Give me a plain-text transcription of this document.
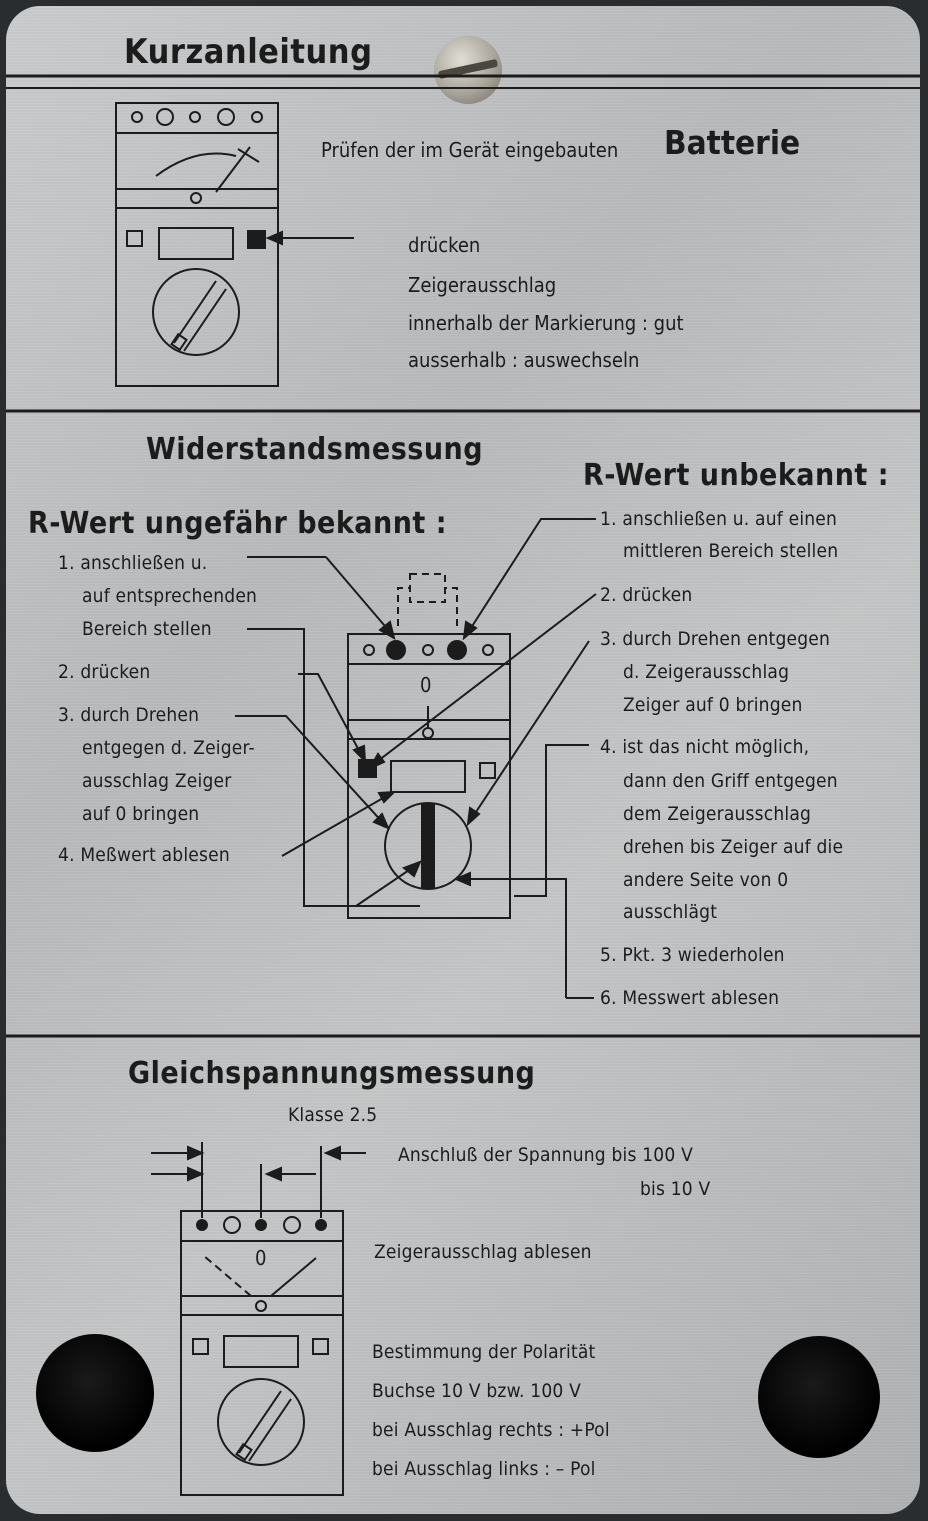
Kurzanleitung
Prüfen der im Gerät eingebauten Batterie
drücken
Zeigerausschlag
innerhalb der Markierung : gut
ausserhalb : auswechseln
Widerstandsmessung
R-Wert ungefähr bekannt :
R-Wert unbekannt :
1. anschließen u.
auf entsprechenden
Bereich stellen
2. drücken
3. durch Drehen
entgegen d. Zeiger-
ausschlag Zeiger
auf 0 bringen
4. Meßwert ablesen
1. anschließen u. auf einen
mittleren Bereich stellen
2. drücken
3. durch Drehen entgegen
d. Zeigerausschlag
Zeiger auf 0 bringen
4. ist das nicht möglich,
dann den Griff entgegen
dem Zeigerausschlag
drehen bis Zeiger auf die
andere Seite von 0
ausschlägt
5. Pkt. 3 wiederholen
6. Messwert ablesen
0
Gleichspannungsmessung
Klasse 2.5
Anschluß der Spannung bis 100 V
bis 10 V
Zeigerausschlag ablesen
Bestimmung der Polarität
Buchse 10 V bzw. 100 V
bei Ausschlag rechts : +Pol
bei Ausschlag links : – Pol
0
